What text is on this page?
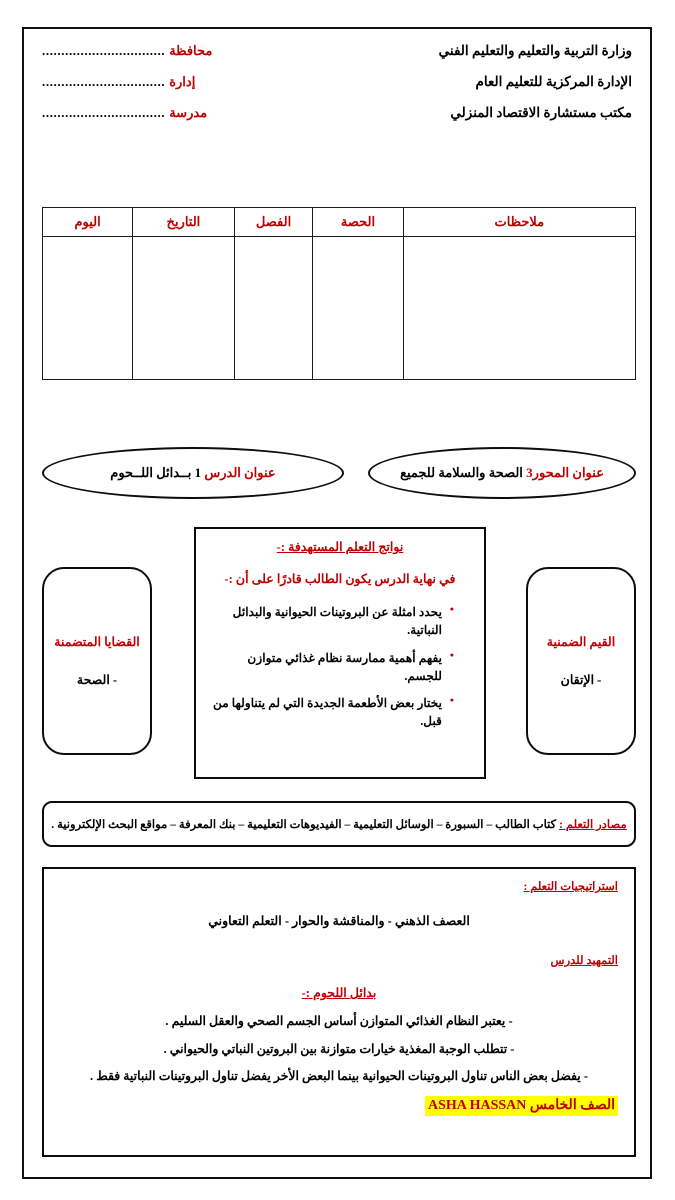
وزارة التربية والتعليم والتعليم الفني
محافظة
................................
الإدارة المركزية للتعليم العام
إدارة
................................
مكتب مستشارة الاقتصاد المنزلي
مدرسة
................................
ملاحظات	الحصة	الفصل	التاريخ	اليوم

عنوان المحور3 الصحة والسلامة للجميع
عنوان الدرس 1 بــدائل اللــحوم
القيم الضمنية
- الإتقان
نواتج التعلم المستهدفة :-
في نهاية الدرس يكون الطالب قادرًا على أن :-
● يحدد امثلة عن البروتينات الحيوانية والبدائل النباتية.
● يفهم أهمية ممارسة نظام غذائي متوازن للجسم.
● يختار بعض الأطعمة الجديدة التي لم يتناولها من قبل.
القضايا المتضمنة
- الصحة
مصادر التعلم : كتاب الطالب – السبورة – الوسائل التعليمية – الفيديوهات التعليمية – بنك المعرفة – مواقع البحث الإلكترونية .
استراتيجيات التعلم :
العصف الذهني - والمناقشة والحوار - التعلم التعاوني
التمهيد للدرس
بدائل اللحوم :-
- يعتبر النظام الغذائي المتوازن أساس الجسم الصحي والعقل السليم .
- تتطلب الوجبة المغذية خيارات متوازنة بين البروتين النباتي والحيواني .
- يفضل بعض الناس تناول البروتينات الحيوانية بينما البعض الأخر يفضل تناول البروتينات النباتية فقط .
الصف الخامس ASHA HASSAN
